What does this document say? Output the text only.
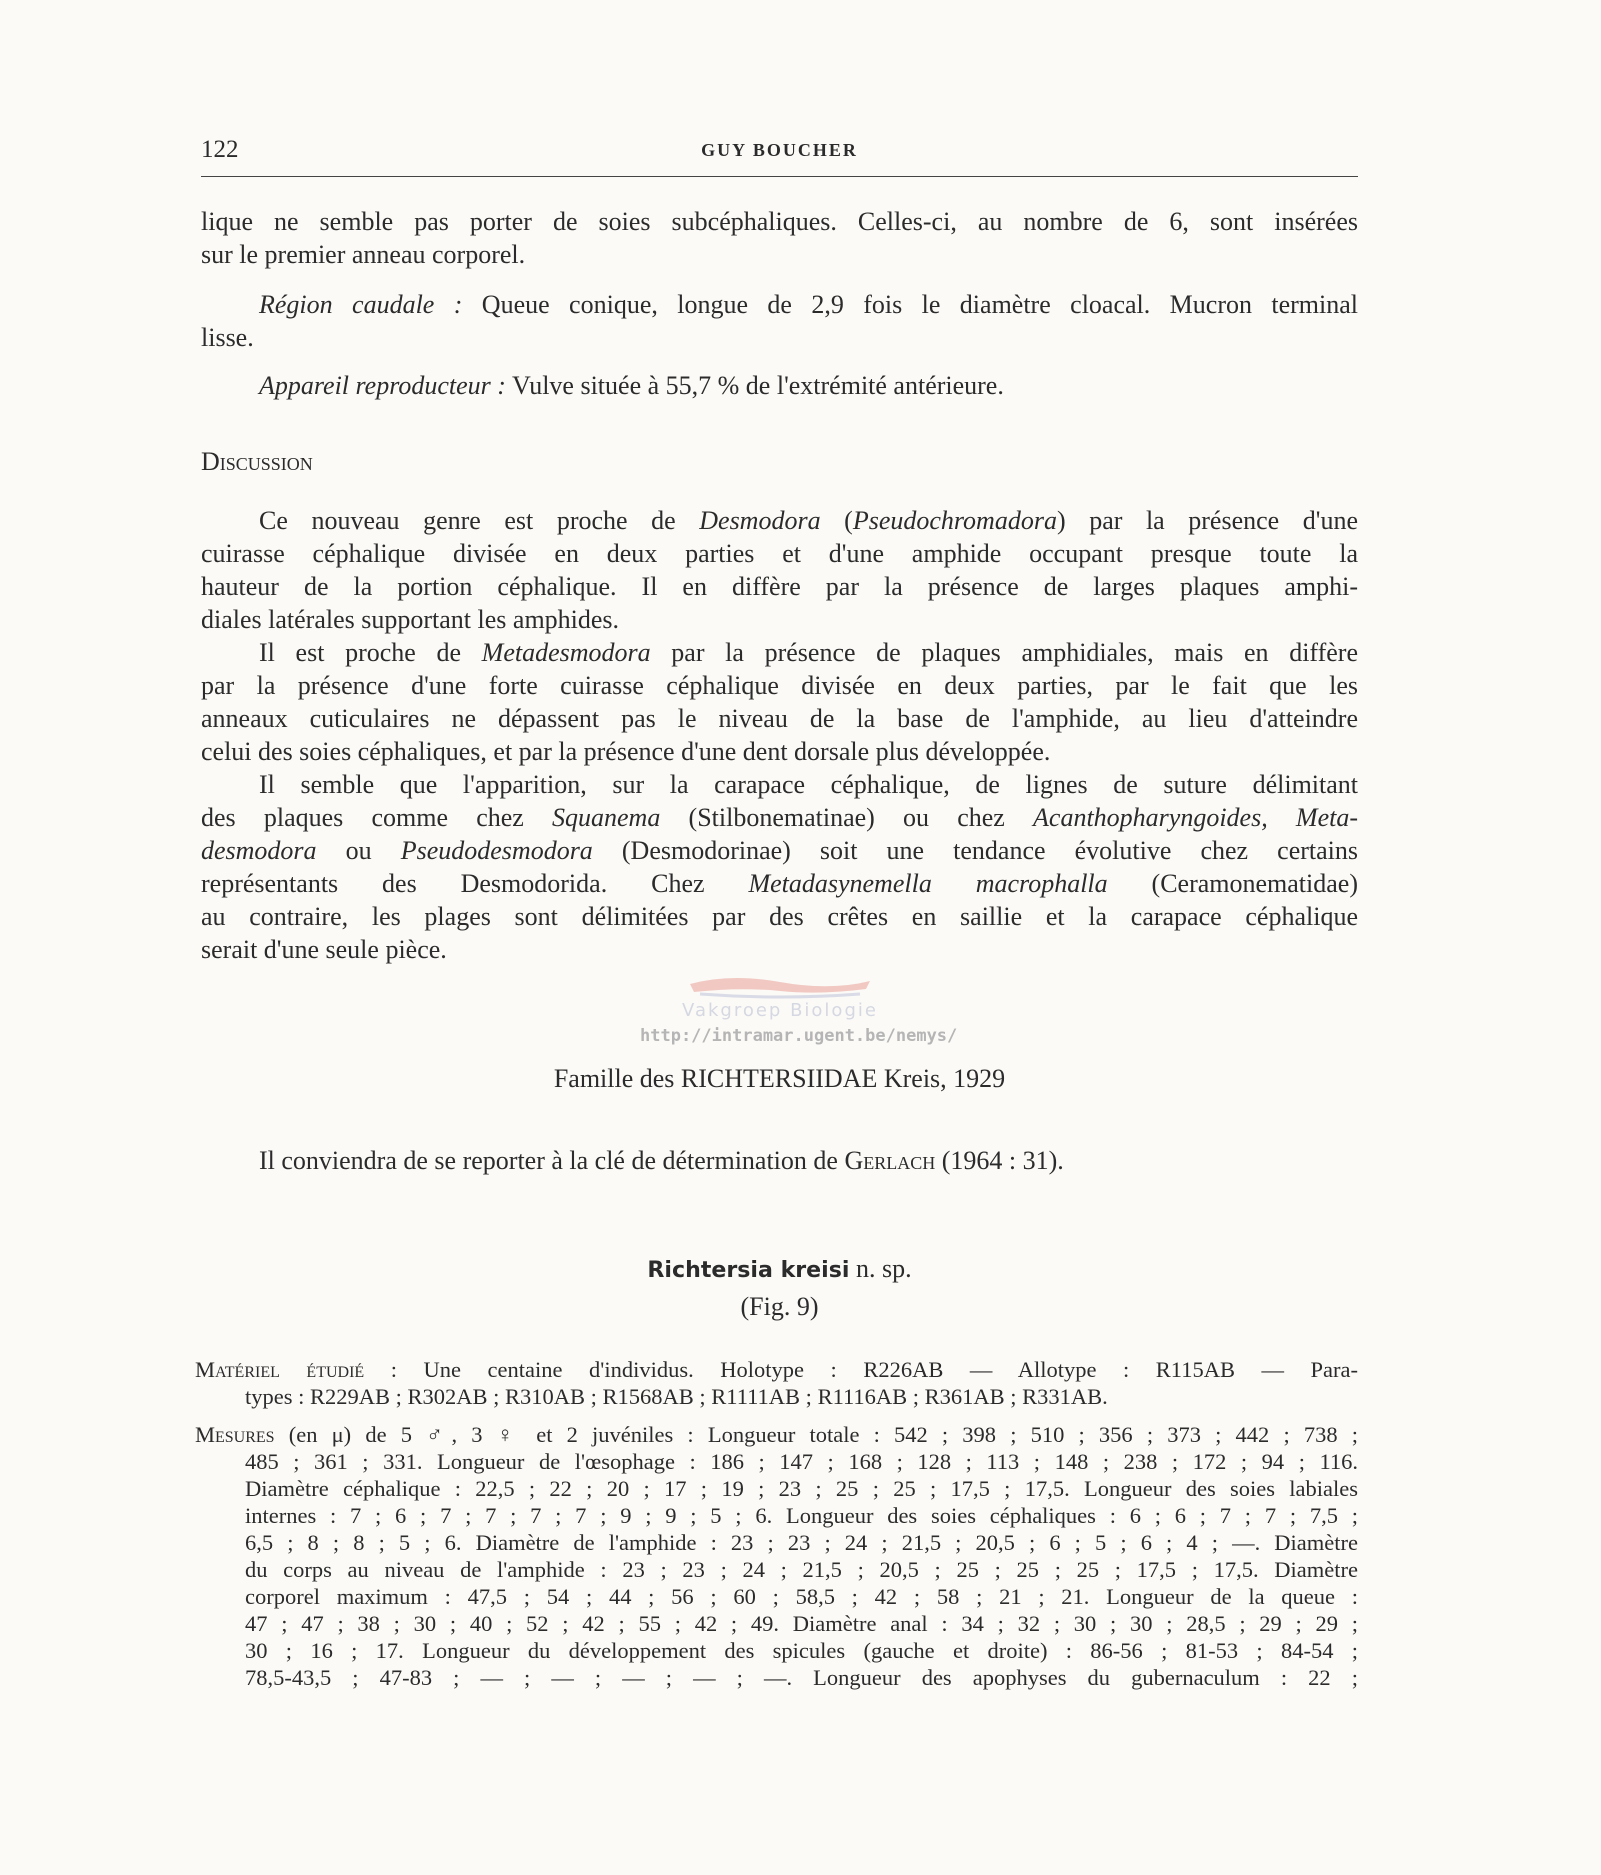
122	GUY BOUCHER
Vakgroep Biologie
http://intramar.ugent.be/nemys/
lique ne semble pas porter de soies subcéphaliques. Celles-ci, au nombre de 6, sont insérées
sur le premier anneau corporel.
Région caudale : Queue conique, longue de 2,9 fois le diamètre cloacal. Mucron terminal
lisse.
Appareil reproducteur : Vulve située à 55,7 % de l'extrémité antérieure.
Discussion
Ce nouveau genre est proche de Desmodora (Pseudochromadora) par la présence d'une
cuirasse céphalique divisée en deux parties et d'une amphide occupant presque toute la
hauteur de la portion céphalique. Il en diffère par la présence de larges plaques amphi-
diales latérales supportant les amphides.
Il est proche de Metadesmodora par la présence de plaques amphidiales, mais en diffère
par la présence d'une forte cuirasse céphalique divisée en deux parties, par le fait que les
anneaux cuticulaires ne dépassent pas le niveau de la base de l'amphide, au lieu d'atteindre
celui des soies céphaliques, et par la présence d'une dent dorsale plus développée.
Il semble que l'apparition, sur la carapace céphalique, de lignes de suture délimitant
des plaques comme chez Squanema (Stilbonematinae) ou chez Acanthopharyngoides, Meta-
desmodora ou Pseudodesmodora (Desmodorinae) soit une tendance évolutive chez certains
représentants des Desmodorida. Chez Metadasynemella macrophalla (Ceramonematidae)
au contraire, les plages sont délimitées par des crêtes en saillie et la carapace céphalique
serait d'une seule pièce.
Famille des RICHTERSIIDAE Kreis, 1929
Il conviendra de se reporter à la clé de détermination de Gerlach (1964 : 31).
Richtersia kreisi n. sp.
(Fig. 9)
Matériel étudié : Une centaine d'individus. Holotype : R226AB — Allotype : R115AB — Para-
types : R229AB ; R302AB ; R310AB ; R1568AB ; R1111AB ; R1116AB ; R361AB ; R331AB.
Mesures (en μ) de 5 ♂, 3 ♀ et 2 juvéniles : Longueur totale : 542 ; 398 ; 510 ; 356 ; 373 ; 442 ; 738 ;
485 ; 361 ; 331. Longueur de l'œsophage : 186 ; 147 ; 168 ; 128 ; 113 ; 148 ; 238 ; 172 ; 94 ; 116.
Diamètre céphalique : 22,5 ; 22 ; 20 ; 17 ; 19 ; 23 ; 25 ; 25 ; 17,5 ; 17,5. Longueur des soies labiales
internes : 7 ; 6 ; 7 ; 7 ; 7 ; 7 ; 9 ; 9 ; 5 ; 6. Longueur des soies céphaliques : 6 ; 6 ; 7 ; 7 ; 7,5 ;
6,5 ; 8 ; 8 ; 5 ; 6. Diamètre de l'amphide : 23 ; 23 ; 24 ; 21,5 ; 20,5 ; 6 ; 5 ; 6 ; 4 ; —. Diamètre
du corps au niveau de l'amphide : 23 ; 23 ; 24 ; 21,5 ; 20,5 ; 25 ; 25 ; 25 ; 17,5 ; 17,5. Diamètre
corporel maximum : 47,5 ; 54 ; 44 ; 56 ; 60 ; 58,5 ; 42 ; 58 ; 21 ; 21. Longueur de la queue :
47 ; 47 ; 38 ; 30 ; 40 ; 52 ; 42 ; 55 ; 42 ; 49. Diamètre anal : 34 ; 32 ; 30 ; 30 ; 28,5 ; 29 ; 29 ;
30 ; 16 ; 17. Longueur du développement des spicules (gauche et droite) : 86-56 ; 81-53 ; 84-54 ;
78,5-43,5 ; 47-83 ; — ; — ; — ; — ; —. Longueur des apophyses du gubernaculum : 22 ;
